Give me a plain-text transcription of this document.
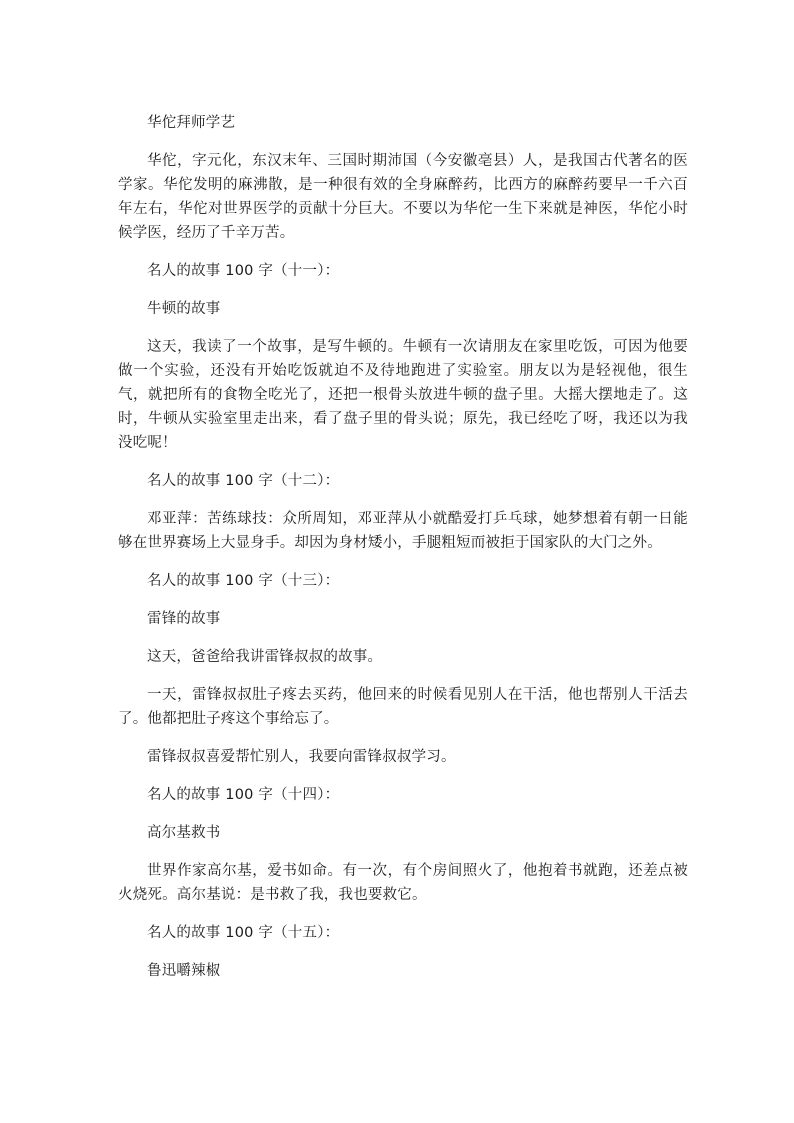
华佗拜师学艺

华佗，字元化，东汉末年、三国时期沛国（今安徽亳县）人，是我国古代著名的医学家。华佗发明的麻沸散，是一种很有效的全身麻醉药，比西方的麻醉药要早一千六百年左右，华佗对世界医学的贡献十分巨大。不要以为华佗一生下来就是神医，华佗小时候学医，经历了千辛万苦。

名人的故事 100 字（十一）：

牛顿的故事

这天，我读了一个故事，是写牛顿的。牛顿有一次请朋友在家里吃饭，可因为他要做一个实验，还没有开始吃饭就迫不及待地跑进了实验室。朋友以为是轻视他，很生气，就把所有的食物全吃光了，还把一根骨头放进牛顿的盘子里。大摇大摆地走了。这时，牛顿从实验室里走出来，看了盘子里的骨头说；原先，我已经吃了呀，我还以为我没吃呢！

名人的故事 100 字（十二）：

邓亚萍：苦练球技：众所周知，邓亚萍从小就酷爱打乒乓球，她梦想着有朝一日能够在世界赛场上大显身手。却因为身材矮小，手腿粗短而被拒于国家队的大门之外。

名人的故事 100 字（十三）：

雷锋的故事

这天，爸爸给我讲雷锋叔叔的故事。

一天，雷锋叔叔肚子疼去买药，他回来的时候看见别人在干活，他也帮别人干活去了。他都把肚子疼这个事给忘了。

雷锋叔叔喜爱帮忙别人，我要向雷锋叔叔学习。

名人的故事 100 字（十四）：

高尔基救书

世界作家高尔基，爱书如命。有一次，有个房间照火了，他抱着书就跑，还差点被火烧死。高尔基说：是书救了我，我也要救它。

名人的故事 100 字（十五）：

鲁迅嚼辣椒
